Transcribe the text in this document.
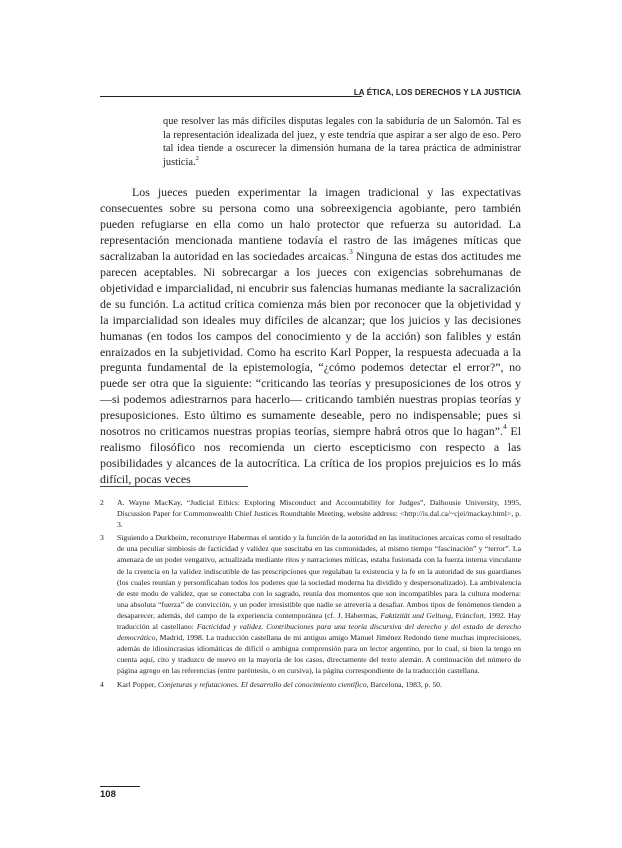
LA ÉTICA, LOS DERECHOS Y LA JUSTICIA
que resolver las más difíciles disputas legales con la sabiduría de un Salomón. Tal es la representación idealizada del juez, y este tendría que aspirar a ser algo de eso. Pero tal idea tiende a oscurecer la dimensión humana de la tarea práctica de administrar justicia.$^2$

Los jueces pueden experimentar la imagen tradicional y las expectativas consecuentes sobre su persona como una sobreexigencia agobiante, pero también pueden refugiarse en ella como un halo protector que refuerza su autoridad. La representación mencionada mantiene todavía el rastro de las imágenes míticas que sacralizaban la autoridad en las sociedades arcaicas.$^3$ Ninguna de estas dos actitudes me parecen aceptables. Ni sobrecargar a los jueces con exigencias sobrehumanas de objetividad e imparcialidad, ni encubrir sus falencias humanas mediante la sacralización de su función. La actitud crítica comienza más bien por reconocer que la objetividad y la imparcialidad son ideales muy difíciles de alcanzar; que los juicios y las decisiones humanas (en todos los campos del conocimiento y de la acción) son falibles y están enraizados en la subjetividad. Como ha escrito Karl Popper, la respuesta adecuada a la pregunta fundamental de la epistemología, “¿cómo podemos detectar el error?”, no puede ser otra que la siguiente: “criticando las teorías y presuposiciones de los otros y —si podemos adiestrarnos para hacerlo— criticando también nuestras propias teorías y presuposiciones. Esto último es sumamente deseable, pero no indispensable; pues si nosotros no criticamos nuestras propias teorías, siempre habrá otros que lo hagan”.$^4$ El realismo filosófico nos recomienda un cierto escepticismo con respecto a las posibilidades y alcances de la autocrítica. La crítica de los propios prejuicios es lo más difícil, pocas veces

2 A. Wayne MacKay, “Judicial Ethics: Exploring Misconduct and Accountability for Judges”, Dalhousie University, 1995, Discussion Paper for Commonwealth Chief Justices Roundtable Meeting, website address: <http://is.dal.ca/~cjei/mackay.html>, p. 3.
3 Siguiendo a Durkheim, reconstruye Habermas el sentido y la función de la autoridad en las instituciones arcaicas como el resultado de una peculiar simbiosis de facticidad y validez que suscitaba en las comunidades, al mismo tiempo “fascinación” y “terror”. La amenaza de un poder vengativo, actualizada mediante ritos y narraciones míticas, estaba fusionada con la fuerza interna vinculante de la creencia en la validez indiscutible de las prescripciones que regulaban la existencia y la fe en la autoridad de sus guardianes (los cuales reunían y personificaban todos los poderes que la sociedad moderna ha dividido y despersonalizado). La ambivalencia de este modo de validez, que se conectaba con lo sagrado, reunía dos momentos que son incompatibles para la cultura moderna: una absoluta “fuerza” de convicción, y un poder irresistible que nadie se atrevería a desafiar. Ambos tipos de fenómenos tienden a desaparecer, además, del campo de la experiencia contemporánea (cf. J. Habermas, Faktizität und Geltung, Fráncfort, 1992. Hay traducción al castellano: Facticidad y validez. Contribuciones para una teoría discursiva del derecho y del estado de derecho democrático, Madrid, 1998. La traducción castellana de mi antiguo amigo Manuel Jiménez Redondo tiene muchas imprecisiones, además de idiosincrasias idiomáticas de difícil o ambigua comprensión para un lector argentino, por lo cual, si bien la tengo en cuenta aquí, cito y traduzco de nuevo en la mayoría de los casos, directamente del texto alemán. A continuación del número de página agrego en las referencias (entre paréntesis, o en cursiva), la página correspondiente de la traducción castellana.
4 Karl Popper, Conjeturas y refutaciones. El desarrollo del conocimiento científico, Barcelona, 1983, p. 50.
108
